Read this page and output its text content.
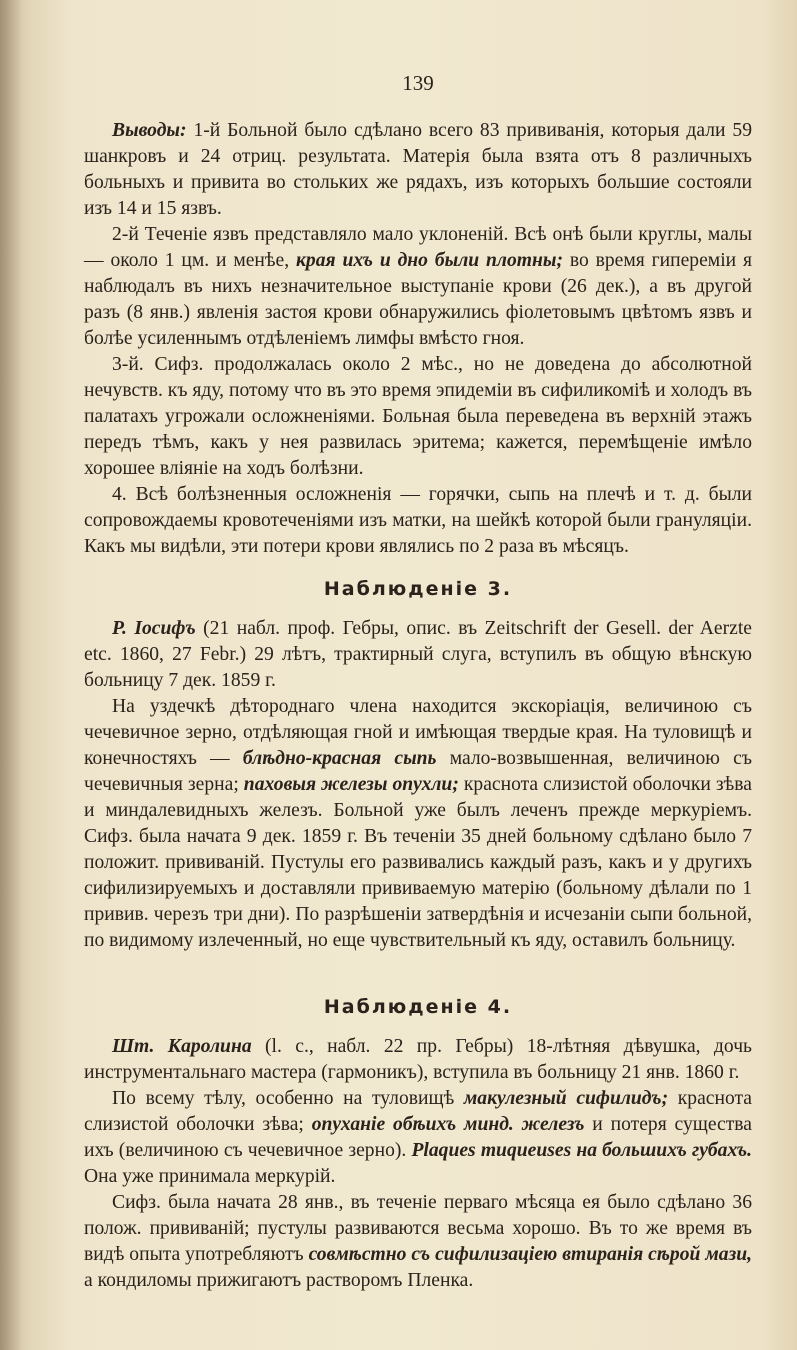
139

Выводы: 1-й Больной было сдѣлано всего 83 прививанія, которыя дали 59 шанкровъ и 24 отриц. результата. Матерія была взята отъ 8 различныхъ больныхъ и привита во стольких же рядахъ, изъ которыхъ большие состояли изъ 14 и 15 язвъ.

2-й Теченіе язвъ представляло мало уклоненій. Всѣ онѣ были круглы, малы — около 1 цм. и менѣе, края ихъ и дно были плотны; во время гипереміи я наблюдалъ въ нихъ незначительное выступаніе крови (26 дек.), а въ другой разъ (8 янв.) явленія застоя крови обнаружились фіолетовымъ цвѣтомъ язвъ и болѣе усиленнымъ отдѣленіемъ лимфы вмѣсто гноя.

3-й. Сифз. продолжалась около 2 мѣс., но не доведена до абсолютной нечувств. къ яду, потому что въ это время эпидеміи въ сифиликоміѣ и холодъ въ палатахъ угрожали осложненіями. Больная была переведена въ верхній этажъ передъ тѣмъ, какъ у нея развилась эритема; кажется, перемѣщеніе имѣло хорошее вліяніе на ходъ болѣзни.

4. Всѣ болѣзненныя осложненія — горячки, сыпь на плечѣ и т. д. были сопровождаемы кровотеченіями изъ матки, на шейкѣ которой были грануляціи. Какъ мы видѣли, эти потери крови являлись по 2 раза въ мѣсяцъ.

Наблюденіе 3.

Р. Іосифъ (21 набл. проф. Гебры, опис. въ Zeitschrift der Gesell. der Aerzte etc. 1860, 27 Febr.) 29 лѣтъ, трактирный слуга, вступилъ въ общую вѣнскую больницу 7 дек. 1859 г.

На уздечкѣ дѣтороднаго члена находится экскоріація, величиною съ чечевичное зерно, отдѣляющая гной и имѣющая твердые края. На туловищѣ и конечностяхъ — блѣдно-красная сыпь мало-возвышенная, величиною съ чечевичныя зерна; паховыя железы опухли; краснота слизистой оболочки зѣва и миндалевидныхъ железъ. Больной уже былъ леченъ прежде меркуріемъ. Сифз. была начата 9 дек. 1859 г. Въ теченіи 35 дней больному сдѣлано было 7 положит. прививаній. Пустулы его развивались каждый разъ, какъ и у другихъ сифилизируемыхъ и доставляли прививаемую матерію (больному дѣлали по 1 привив. черезъ три дни). По разрѣшеніи затвердѣнія и исчезаніи сыпи больной, по видимому излеченный, но еще чувствительный къ яду, оставилъ больницу.

Наблюденіе 4.

Шт. Каролина (l. c., набл. 22 пр. Гебры) 18-лѣтняя дѣвушка, дочь инструментальнаго мастера (гармоникъ), вступила въ больницу 21 янв. 1860 г.

По всему тѣлу, особенно на туловищѣ макулезный сифилидъ; краснота слизистой оболочки зѣва; опуханіе обѣихъ минд. железъ и потеря существа ихъ (величиною съ чечевичное зерно). Plaques muqueuses на большихъ губахъ. Она уже принимала меркурій.

Сифз. была начата 28 янв., въ теченіе перваго мѣсяца ея было сдѣлано 36 полож. прививаній; пустулы развиваются весьма хорошо. Въ то же время въ видѣ опыта употребляютъ совмѣстно съ сифилизаціею втиранія сѣрой мази, а кондиломы прижигаютъ растворомъ Пленка.
